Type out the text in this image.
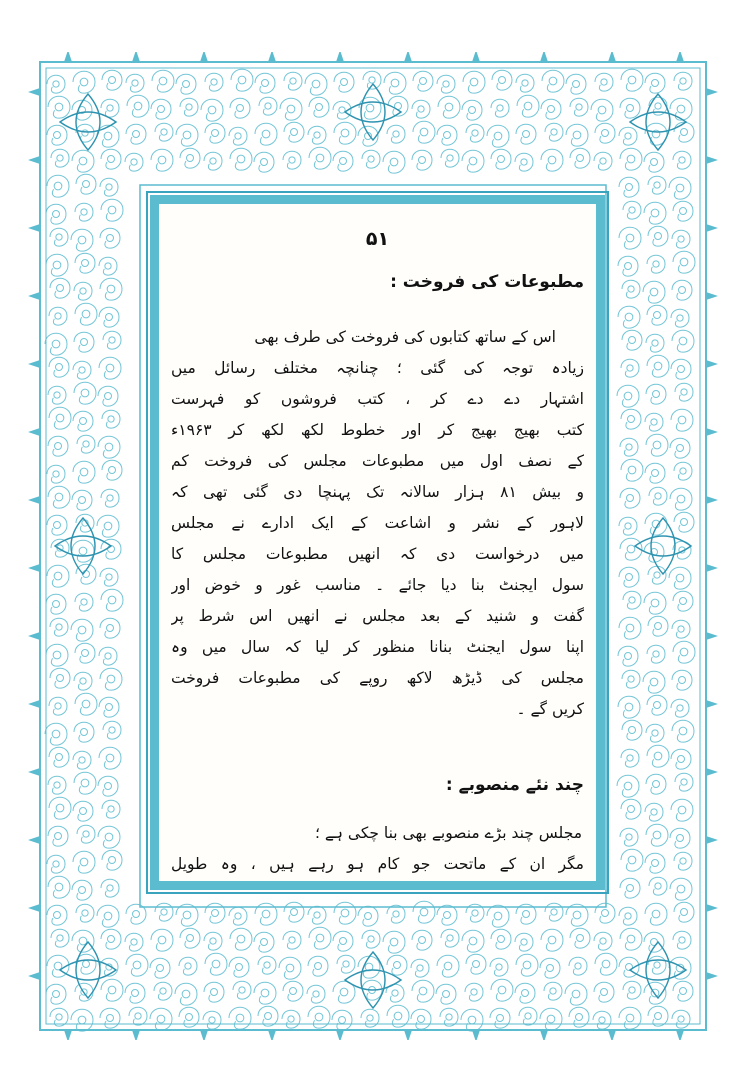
۵۱
مطبوعات کی فروخت :
اس کے ساتھ کتابوں کی فروخت کی طرف بھی
زیادہ توجہ کی گئی ؛ چنانچہ مختلف رسائل میں
اشتہار دے دے کر ، کتب فروشوں کو فہرست
کتب بھیج بھیج کر اور خطوط لکھ لکھ کر ۱۹۶۳ء
کے نصف اول میں مطبوعات مجلس کی فروخت کم
و بیش ۸۱ ہزار سالانہ تک پہنچا دی گئی تھی کہ
لاہور کے نشر و اشاعت کے ایک ادارے نے مجلس
میں درخواست دی کہ انھیں مطبوعات مجلس کا
سول ایجنٹ بنا دیا جائے ۔ مناسب غور و خوض اور
گفت و شنید کے بعد مجلس نے انھیں اس شرط پر
اپنا سول ایجنٹ بنانا منظور کر لیا کہ سال میں وہ
مجلس کی ڈیڑھ لاکھ روپے کی مطبوعات فروخت
کریں گے ۔
چند نئے منصوبے :
مجلس چند بڑے منصوبے بھی بنا چکی ہے ؛
مگر ان کے ماتحت جو کام ہو رہے ہیں ، وہ طویل
